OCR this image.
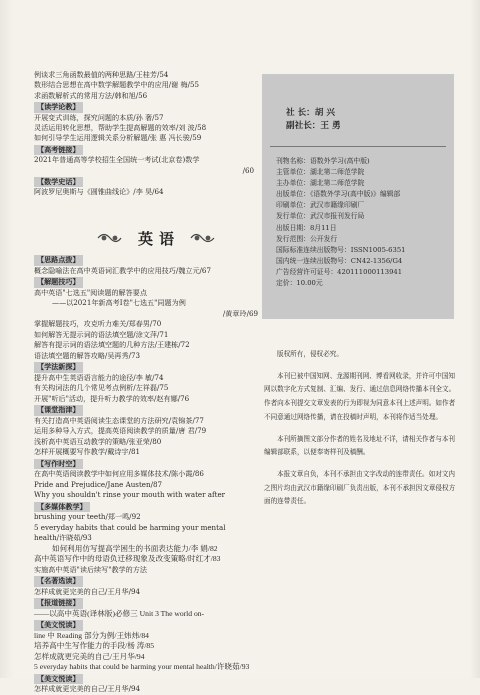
例谈求三角函数最值的两种思路/王桂芳/54
数形结合思想在高中数学解题教学中的应用/谢 梅/55
求函数解析式的常用方法/韩和旭/56
【读学论教】
开展变式训练，探究问题的本质/孙 奢/57
灵活运用转化思想，帮助学生提高解题的效率/刘 波/58
如何引导学生运用逻辑关系分析解题/张 惠 冯长骏/59
【高考链接】
2021年普通高等学校招生全国统一考试(北京卷)数学
/60
【数学史话】
阿波罗尼奥斯与《圆锥曲线论》/李 昊/64
英语
【思路点拨】
概念隐喻法在高中英语词汇教学中的应用技巧/魏立元/67
【解题技巧】
高中英语"七选五"阅读题的解答要点
——以2021年新高考Ⅰ卷"七选五"同题为例
/黄章玲/69
掌握解题技巧，攻克听力难关/郑春男/70
如何解答无提示词的语法填空题/涂文萍/71
解答有提示词的语法填空题的几种方法/王建栋/72
语法填空题的解答攻略/吴再秀/73
【学法新探】
提升高中生英语语言能力的途径/李 敏/74
有关构词法的几个常见考点例析/左祥磊/75
开展"听后"活动，提升听力教学的效率/赵有娜/76
【课堂指津】
有关打造高中英语阅读生态课堂的方法研究/袁锦茶/77
运用多种导入方式，提高英语阅读教学的质量/唐 君/79
浅析高中英语互动教学的策略/张亚荣/80
怎样开展概要写作教学/戴诗宇/81
【写作时空】
在高中英语阅读教学中如何应用多媒体技术/陈小霞/86
Pride and Prejudice/Jane Austen/87
Why you shouldn't rinse your mouth with water after
【多媒体教学】
brushing your teeth/郑一鸣/92
5 everyday habits that could be harming your mental
health/许晓茹/93
如何利用仿写提高学困生的书面表达能力/李 娟/82
高中英语写作中的母语负迁移现象及改变策略/时红才/83
实施高中英语"读后续写"教学的方法
【名著选读】
怎样成就更完美的自己/王月华/94
【报道链接】
——以高中英语(译林版)必修三 Unit 3 The world on-
【美文悦读】
line 中 Reading 部分为例/王炜炜/84
培养高中生写作能力的手段/杨 涛/85
怎样成就更完美的自己/王月华/94
5 everyday habits that could be harming your mental health/许晓茹/93
【美文悦读】
怎样成就更完美的自己/王月华/94
社 长：胡 兴
副社长：王 勇
刊物名称：语数外学习(高中版)
主管单位：湖北第二师范学院
主办单位：湖北第二师范学院
出版单位：《语数外学习(高中版)》编辑部
印刷单位：武汉市籍缘印刷厂
发行单位：武汉市报刊发行局
出版日期：8月11日
发行范围：公开发行
国际标准连续出版物号：ISSN1005-6351
国内统一连续出版物号：CN42-1356/G4
广告经营许可证号：420111000113941
定价：10.00元

版权所有，侵权必究。

本刊已被中国知网、龙源期刊网、博看网收录，并许可中国知网以数字化方式复制、汇编、发行、通过信息网络传播本刊全文。作者向本刊提交文章发表的行为即视为同意本刊上述声明。如作者不同意通过网络传播，请在投稿时声明，本刊将作适当处理。

本刊所摘图文部分作者的姓名及地址不详，请相关作者与本刊编辑部联系，以便奉寄样刊及稿酬。

本报文章自负，本刊不承担由文字改动的连带责任。如对文内之图片均由武汉市籍缘印刷厂负责出版，本刊不承担因文章侵权方面的连带责任。
